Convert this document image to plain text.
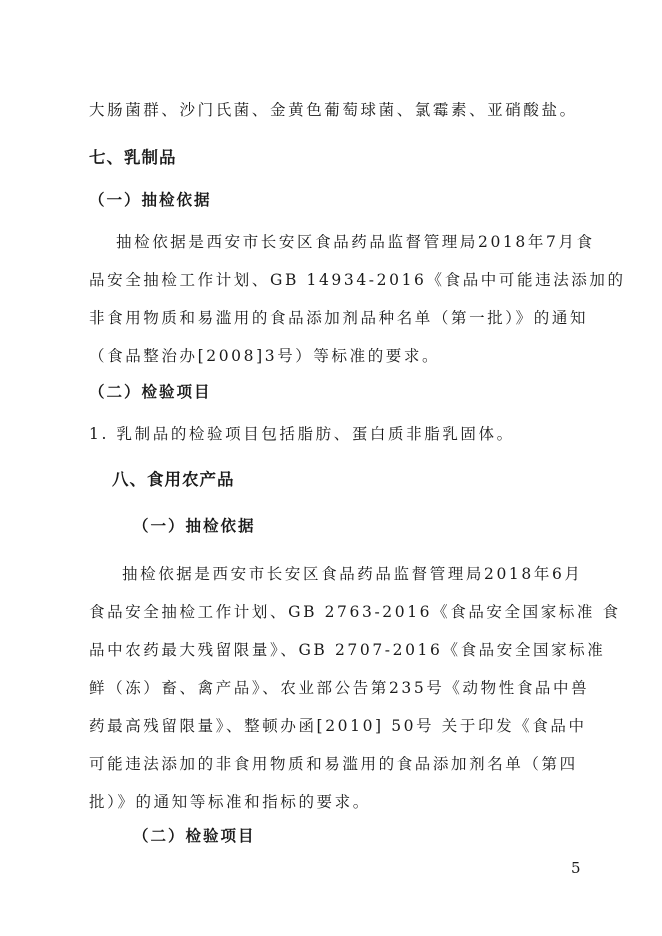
大肠菌群、沙门氏菌、金黄色葡萄球菌、氯霉素、亚硝酸盐。
七、乳制品
（一）抽检依据
抽检依据是西安市长安区食品药品监督管理局2018年7月食
品安全抽检工作计划、GB 14934-2016《食品中可能违法添加的
非食用物质和易滥用的食品添加剂品种名单（第一批）》的通知
（食品整治办[2008]3号）等标准的要求。
（二）检验项目
1. 乳制品的检验项目包括脂肪、蛋白质非脂乳固体。
八、食用农产品
（一）抽检依据
抽检依据是西安市长安区食品药品监督管理局2018年6月
食品安全抽检工作计划、GB 2763-2016《食品安全国家标准 食
品中农药最大残留限量》、GB 2707-2016《食品安全国家标准
鲜（冻）畜、禽产品》、农业部公告第235号《动物性食品中兽
药最高残留限量》、整顿办函[2010] 50号 关于印发《食品中
可能违法添加的非食用物质和易滥用的食品添加剂名单（第四
批）》的通知等标准和指标的要求。
（二）检验项目
5
